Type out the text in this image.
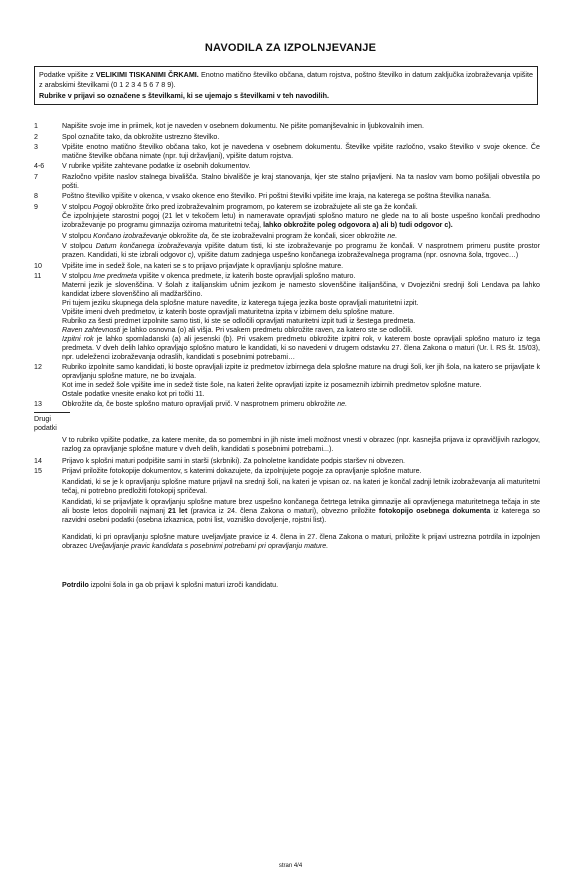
NAVODILA ZA IZPOLNJEVANJE

Podatke vpišite z VELIKIMI TISKANIMI ČRKAMI. Enotno matično številko občana, datum rojstva, poštno številko in datum zaključka izobraževanja vpišite z arabskimi številkami (0 1 2 3 4 5 6 7 8 9).

Rubrike v prijavi so označene s številkami, ki se ujemajo s številkami v teh navodilih.

1	Napišite svoje ime in priimek, kot je naveden v osebnem dokumentu. Ne pišite pomanjševalnic in ljubkovalnih imen.
2	Spol označite tako, da obkrožite ustrezno številko.
3	Vpišite enotno matično številko občana tako, kot je navedena v osebnem dokumentu. Številke vpišite razločno, vsako številko v svoje okence. Če matične številke občana nimate (npr. tuji državljani), vpišite datum rojstva.
4-6	V rubrike vpišite zahtevane podatke iz osebnih dokumentov.
7	Razločno vpišite naslov stalnega bivališča. Stalno bivališče je kraj stanovanja, kjer ste stalno prijavljeni. Na ta naslov vam bomo pošiljali obvestila po pošti.
8	Poštno številko vpišite v okenca, v vsako okence eno številko. Pri poštni številki vpišite ime kraja, na katerega se poštna številka nanaša.
9	V stolpcu Pogoji obkrožite črko pred izobraževalnim programom, po katerem se izobražujete ali ste ga že končali.

Če izpolnjujete starostni pogoj (21 let v tekočem letu) in nameravate opravljati splošno maturo ne glede na to ali boste uspešno končali predhodno izobraževanje po programu gimnazija oziroma maturitetni tečaj, lahko obkrožite poleg odgovora a) ali b) tudi odgovor c).

V stolpcu Končano izobraževanje obkrožite da, če ste izobraževalni program že končali, sicer obkrožite ne.

V stolpcu Datum končanega izobraževanja vpišite datum tisti, ki ste izobraževanje po programu že končali. V nasprotnem primeru pustite prostor prazen. Kandidati, ki ste izbrali odgovor c), vpišite datum zadnjega uspešno končanega izobraževalnega programa (npr. osnovna šola, trgovec…)

10	Vpišite ime in sedež šole, na kateri se s to prijavo prijavljate k opravljanju splošne mature.
11	V stolpcu Ime predmeta vpišite v okenca predmete, iz katerih boste opravljali splošno maturo.

Materni jezik je slovenščina. V šolah z italijanskim učnim jezikom je namesto slovenščine italijanščina, v Dvojezični srednji šoli Lendava pa lahko kandidat izbere slovenščino ali madžarščino.

Pri tujem jeziku skupnega dela splošne mature navedite, iz katerega tujega jezika boste opravljali maturitetni izpit.

Vpišite imeni dveh predmetov, iz katerih boste opravljali maturitetna izpita v izbirnem delu splošne mature.

Rubriko za šesti predmet izpolnite samo tisti, ki ste se odločili opravljati maturitetni izpit tudi iz šestega predmeta.

Raven zahtevnosti je lahko osnovna (o) ali višja. Pri vsakem predmetu obkrožite raven, za katero ste se odločili.

Izpitni rok je lahko spomladanski (a) ali jesenski (b). Pri vsakem predmetu obkrožite izpitni rok, v katerem boste opravljali splošno maturo iz tega predmeta. V dveh delih lahko opravljajo splošno maturo le kandidati, ki so navedeni v drugem odstavku 27. člena Zakona o maturi (Ur. l. RS št. 15/03), npr. udeleženci izobraževanja odraslih, kandidati s posebnimi potrebami…

12	Rubriko izpolnite samo kandidati, ki boste opravljali izpite iz predmetov izbirnega dela splošne mature na drugi šoli, ker jih šola, na katero se prijavljate k opravljanju splošne mature, ne bo izvajala.

Kot ime in sedež šole vpišite ime in sedež tiste šole, na kateri želite opravljati izpite iz posameznih izbirnih predmetov splošne mature.

Ostale podatke vnesite enako kot pri točki 11.

13	Obkrožite da, če boste splošno maturo opravljali prvič. V nasprotnem primeru obkrožite ne.
Drugi podatki
V to rubriko vpišite podatke, za katere menite, da so pomembni in jih niste imeli možnost vnesti v obrazec (npr. kasnejša prijava iz opravičljivih razlogov, razlog za opravljanje splošne mature v dveh delih, kandidati s posebnimi potrebami...).
14	Prijavo k splošni maturi podpišite sami in starši (skrbniki). Za polnoletne kandidate podpis staršev ni obvezen.
15	Prijavi priložite fotokopije dokumentov, s katerimi dokazujete, da izpolnjujete pogoje za opravljanje splošne mature.

Kandidati, ki se je k opravljanju splošne mature prijavil na srednji šoli, na kateri je vpisan oz. na kateri je končal zadnji letnik izobraževanja ali maturitetni tečaj, ni potrebno predložiti fotokopij spričeval.

Kandidati, ki se prijavljate k opravljanju splošne mature brez uspešno končanega četrtega letnika gimnazije ali opravljenega maturitetnega tečaja in ste ali boste letos dopolnili najmanj 21 let (pravica iz 24. člena Zakona o maturi), obvezno priložite fotokopijo osebnega dokumenta iz katerega so razvidni osebni podatki (osebna izkaznica, potni list, vozniško dovoljenje, rojstni list).

Kandidati, ki pri opravljanju splošne mature uveljavljate pravice iz 4. člena in 27. člena Zakona o maturi, priložite k prijavi ustrezna potrdila in izpolnjen obrazec Uveljavljanje pravic kandidata s posebnimi potrebami pri opravljanju mature.
Potrdilo izpolni šola in ga ob prijavi k splošni maturi izroči kandidatu.
stran 4/4
